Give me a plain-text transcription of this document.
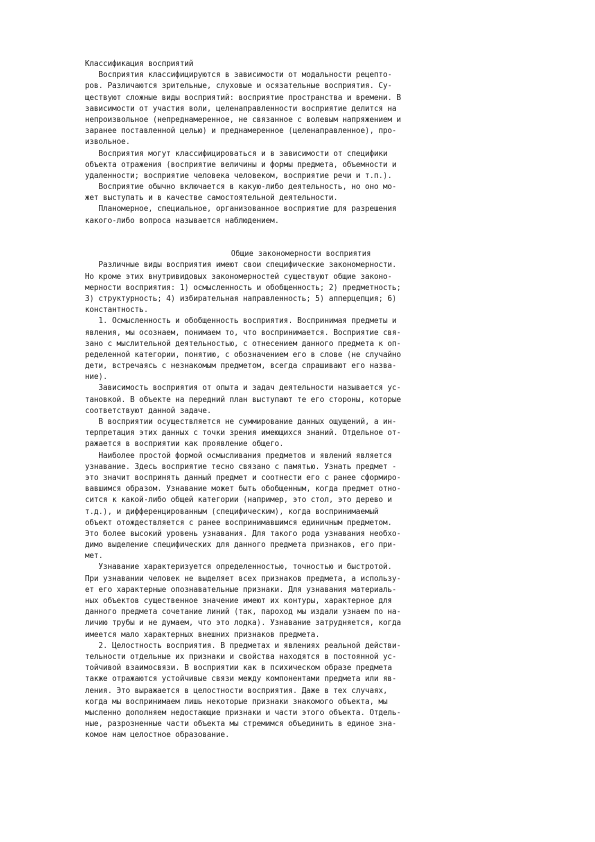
Классификация восприятий
Восприятия классифицируются в зависимости от модальности рецепто-
ров. Различаются зрительные, слуховые и осязательные восприятия. Су-
ществуют сложные виды восприятий: восприятие пространства и времени. В
зависимости от участия воли, целенаправленности восприятие делится на
непроизвольное (непреднамеренное, не связанное с волевым напряжением и
заранее поставленной целью) и преднамеренное (целенаправленное), про-
извольное.
Восприятия могут классифицироваться и в зависимости от специфики
объекта отражения (восприятие величины и формы предмета, объемности и
удаленности; восприятие человека человеком, восприятие речи и т.п.).
Восприятие обычно включается в какую-либо деятельность, но оно мо-
жет выступать и в качестве самостоятельной деятельности.
Планомерное, специальное, организованное восприятие для разрешения
какого-либо вопроса называется наблюдением.
Общие закономерности восприятия
Различные виды восприятия имеют свои специфические закономерности.
Но кроме этих внутривидовых закономерностей существуют общие законо-
мерности восприятия: 1) осмысленность и обобщенность; 2) предметность;
3) структурность; 4) избирательная направленность; 5) апперцепция; 6)
константность.
1. Осмысленность и обобщенность восприятия. Воспринимая предметы и
явления, мы осознаем, понимаем то, что воспринимается. Восприятие свя-
зано с мыслительной деятельностью, с отнесением данного предмета к оп-
ределенной категории, понятию, с обозначением его в слове (не случайно
дети, встречаясь с незнакомым предметом, всегда спрашивают его назва-
ние).
Зависимость восприятия от опыта и задач деятельности называется ус-
тановкой. В объекте на передний план выступают те его стороны, которые
соответствуют данной задаче.
В восприятии осуществляется не суммирование данных ощущений, а ин-
терпретация этих данных с точки зрения имеющихся знаний. Отдельное от-
ражается в восприятии как проявление общего.
Наиболее простой формой осмысливания предметов и явлений является
узнавание. Здесь восприятие тесно связано с памятью. Узнать предмет -
это значит воспринять данный предмет и соотнести его с ранее сформиро-
вавшимся образом. Узнавание может быть обобщенным, когда предмет отно-
сится к какой-либо общей категории (например, это стол, это дерево и
т.д.), и дифференцированным (специфическим), когда воспринимаемый
объект отождествляется с ранее воспринимавшимся единичным предметом.
Это более высокий уровень узнавания. Для такого рода узнавания необхо-
димо выделение специфических для данного предмета признаков, его при-
мет.
Узнавание характеризуется определенностью, точностью и быстротой.
При узнавании человек не выделяет всех признаков предмета, а использу-
ет его характерные опознавательные признаки. Для узнавания материаль-
ных объектов существенное значение имеют их контуры, характерное для
данного предмета сочетание линий (так, пароход мы издали узнаем по на-
личию трубы и не думаем, что это лодка). Узнавание затрудняется, когда
имеется мало характерных внешних признаков предмета.
2. Целостность восприятия. В предметах и явлениях реальной действи-
тельности отдельные их признаки и свойства находятся в постоянной ус-
тойчивой взаимосвязи. В восприятии как в психическом образе предмета
также отражаются устойчивые связи между компонентами предмета или яв-
ления. Это выражается в целостности восприятия. Даже в тех случаях,
когда мы воспринимаем лишь некоторые признаки знакомого объекта, мы
мысленно дополняем недостающие признаки и части этого объекта. Отдель-
ные, разрозненные части объекта мы стремимся объединить в единое зна-
комое нам целостное образование.
